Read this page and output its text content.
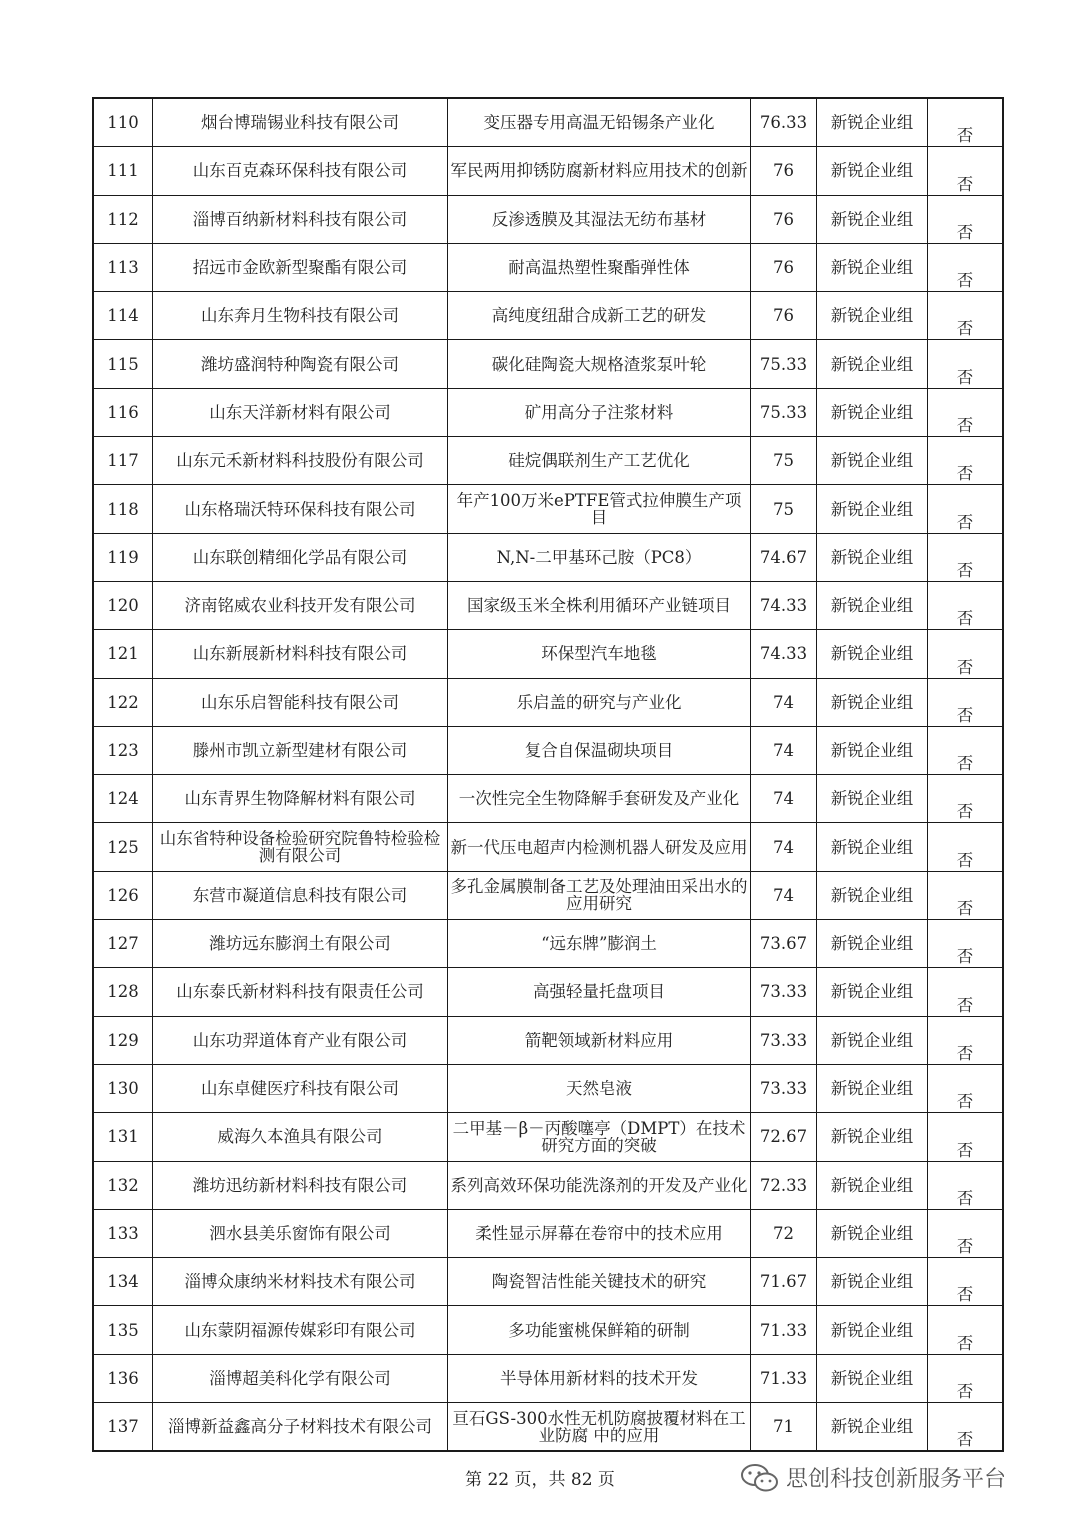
110	烟台博瑞锡业科技有限公司	变压器专用高温无铅锡条产业化	76.33	新锐企业组	否
111	山东百克森环保科技有限公司	军民两用抑锈防腐新材料应用技术的创新	76	新锐企业组	否
112	淄博百纳新材料科技有限公司	反渗透膜及其湿法无纺布基材	76	新锐企业组	否
113	招远市金欧新型聚酯有限公司	耐高温热塑性聚酯弹性体	76	新锐企业组	否
114	山东奔月生物科技有限公司	高纯度纽甜合成新工艺的研发	76	新锐企业组	否
115	潍坊盛润特种陶瓷有限公司	碳化硅陶瓷大规格渣浆泵叶轮	75.33	新锐企业组	否
116	山东天洋新材料有限公司	矿用高分子注浆材料	75.33	新锐企业组	否
117	山东元禾新材料科技股份有限公司	硅烷偶联剂生产工艺优化	75	新锐企业组	否
118	山东格瑞沃特环保科技有限公司	年产100万米ePTFE管式拉伸膜生产项目	75	新锐企业组	否
119	山东联创精细化学品有限公司	N,N-二甲基环己胺（PC8）	74.67	新锐企业组	否
120	济南铭威农业科技开发有限公司	国家级玉米全株利用循环产业链项目	74.33	新锐企业组	否
121	山东新展新材料科技有限公司	环保型汽车地毯	74.33	新锐企业组	否
122	山东乐启智能科技有限公司	乐启盖的研究与产业化	74	新锐企业组	否
123	滕州市凯立新型建材有限公司	复合自保温砌块项目	74	新锐企业组	否
124	山东青界生物降解材料有限公司	一次性完全生物降解手套研发及产业化	74	新锐企业组	否
125	山东省特种设备检验研究院鲁特检验检测有限公司	新一代压电超声内检测机器人研发及应用	74	新锐企业组	否
126	东营市凝道信息科技有限公司	多孔金属膜制备工艺及处理油田采出水的应用研究	74	新锐企业组	否
127	潍坊远东膨润土有限公司	“远东牌”膨润土	73.67	新锐企业组	否
128	山东泰氏新材料科技有限责任公司	高强轻量托盘项目	73.33	新锐企业组	否
129	山东功羿道体育产业有限公司	箭靶领域新材料应用	73.33	新锐企业组	否
130	山东卓健医疗科技有限公司	天然皂液	73.33	新锐企业组	否
131	威海久本渔具有限公司	二甲基－β－丙酸噻亭（DMPT）在技术研究方面的突破	72.67	新锐企业组	否
132	潍坊迅纺新材料科技有限公司	系列高效环保功能洗涤剂的开发及产业化	72.33	新锐企业组	否
133	泗水县美乐窗饰有限公司	柔性显示屏幕在卷帘中的技术应用	72	新锐企业组	否
134	淄博众康纳米材料技术有限公司	陶瓷智洁性能关键技术的研究	71.67	新锐企业组	否
135	山东蒙阴福源传媒彩印有限公司	多功能蜜桃保鲜箱的研制	71.33	新锐企业组	否
136	淄博超美科化学有限公司	半导体用新材料的技术开发	71.33	新锐企业组	否
137	淄博新益鑫高分子材料技术有限公司	亘石GS-300水性无机防腐披覆材料在工业防腐 中的应用	71	新锐企业组	否
第 22 页，共 82 页	思创科技创新服务平台
